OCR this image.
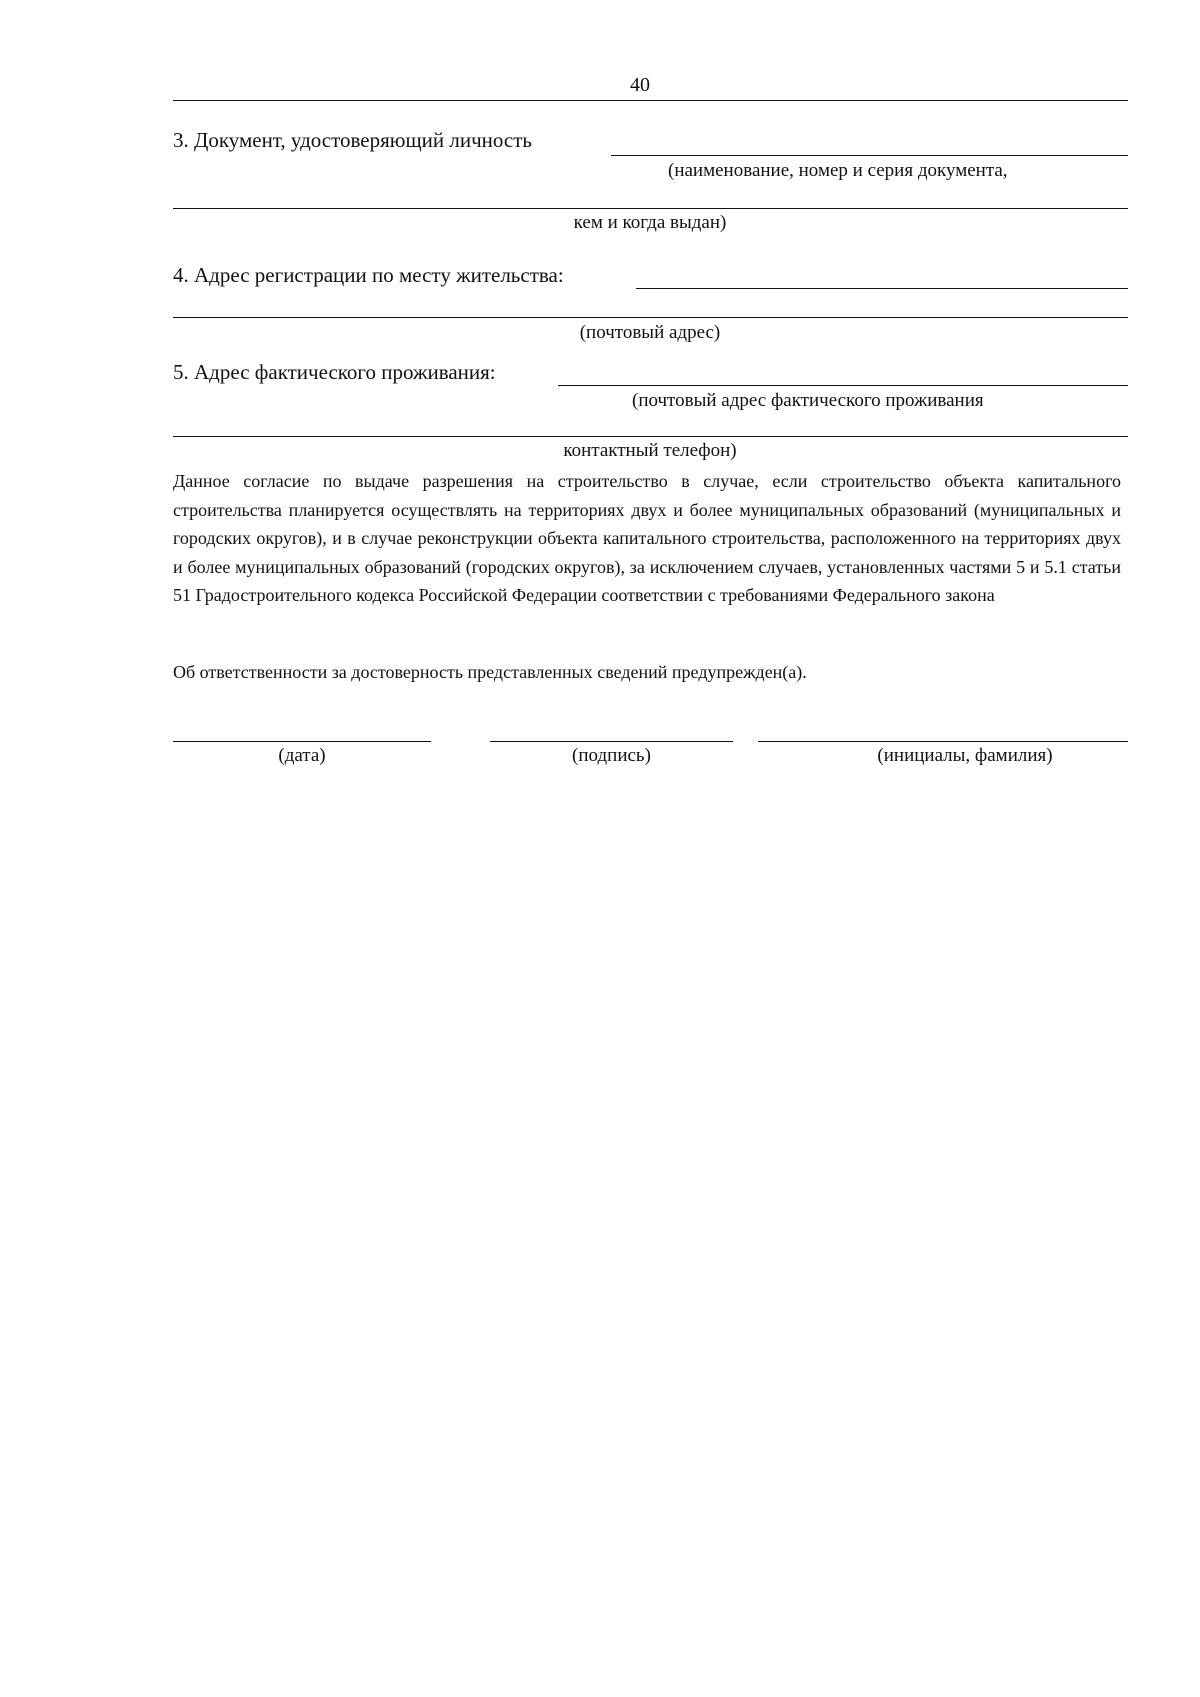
40
3. Документ, удостоверяющий личность
(наименование, номер и серия документа,
кем и когда выдан)
4. Адрес регистрации по месту жительства:
(почтовый адрес)
5. Адрес фактического проживания:
(почтовый адрес фактического проживания
контактный телефон)
Данное согласие по выдаче разрешения на строительство в случае, если строительство объекта капитального строительства планируется осуществлять на территориях двух и более муниципальных образований (муниципальных и городских округов), и в случае реконструкции объекта капитального строительства, расположенного на территориях двух и более муниципальных образований (городских округов), за исключением случаев, установленных частями 5 и 5.1 статьи 51 Градостроительного кодекса Российской Федерации соответствии с требованиями Федерального закона
Об ответственности за достоверность представленных сведений предупрежден(а).
(дата)	(подпись)	(инициалы, фамилия)
